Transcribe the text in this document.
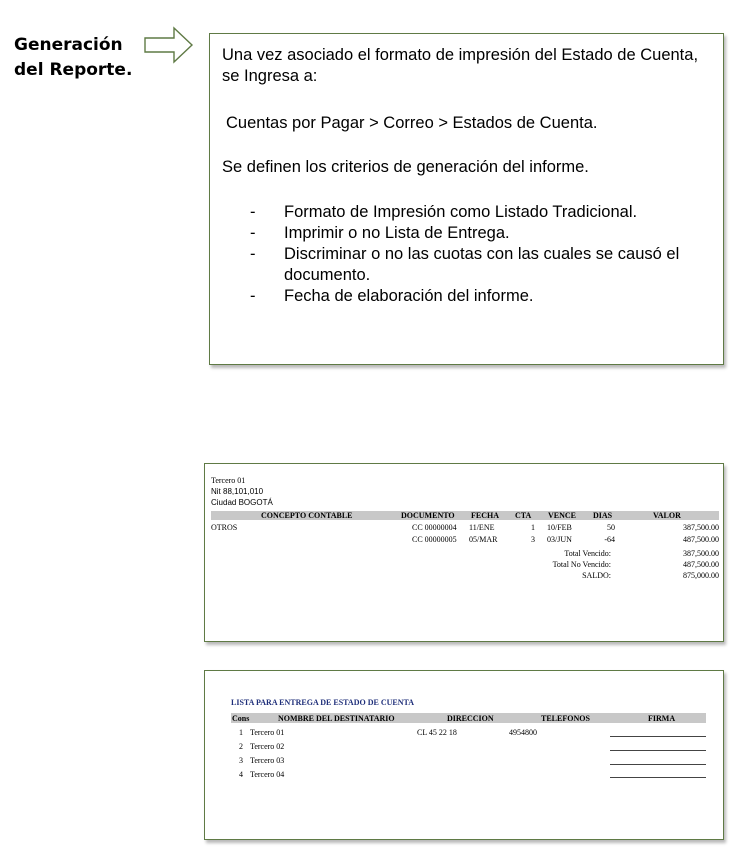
Generación
del Reporte.

Una vez asociado el formato de impresión del Estado de Cuenta, se Ingresa a:

Cuentas por Pagar > Correo > Estados de Cuenta.

Se definen los criterios de generación del informe.

-	Formato de Impresión como Listado Tradicional.
-	Imprimir o no Lista de Entrega.
-	Discriminar o no las cuotas con las cuales se causó el documento.
-	Fecha de elaboración del informe.
Tercero 01
Nit 88,101,010
Ciudad BOGOTÁ
CONCEPTO CONTABLE	DOCUMENTO FECHA CTA VENCE DIAS	VALOR
OTROS	CC 00000004 11/ENE	1 10/FEB	50	387,500.00
CC 00000005 05/MAR	3 03/JUN	-64	487,500.00
Total Vencido:	387,500.00
Total No Vencido:	487,500.00
SALDO:	875,000.00
LISTA PARA ENTREGA DE ESTADO DE CUENTA
Cons	NOMBRE DEL DESTINATARIO	DIRECCION	TELEFONOS	FIRMA
1 Tercero 01	CL 45 22 18	4954800
2 Tercero 02
3 Tercero 03
4 Tercero 04
